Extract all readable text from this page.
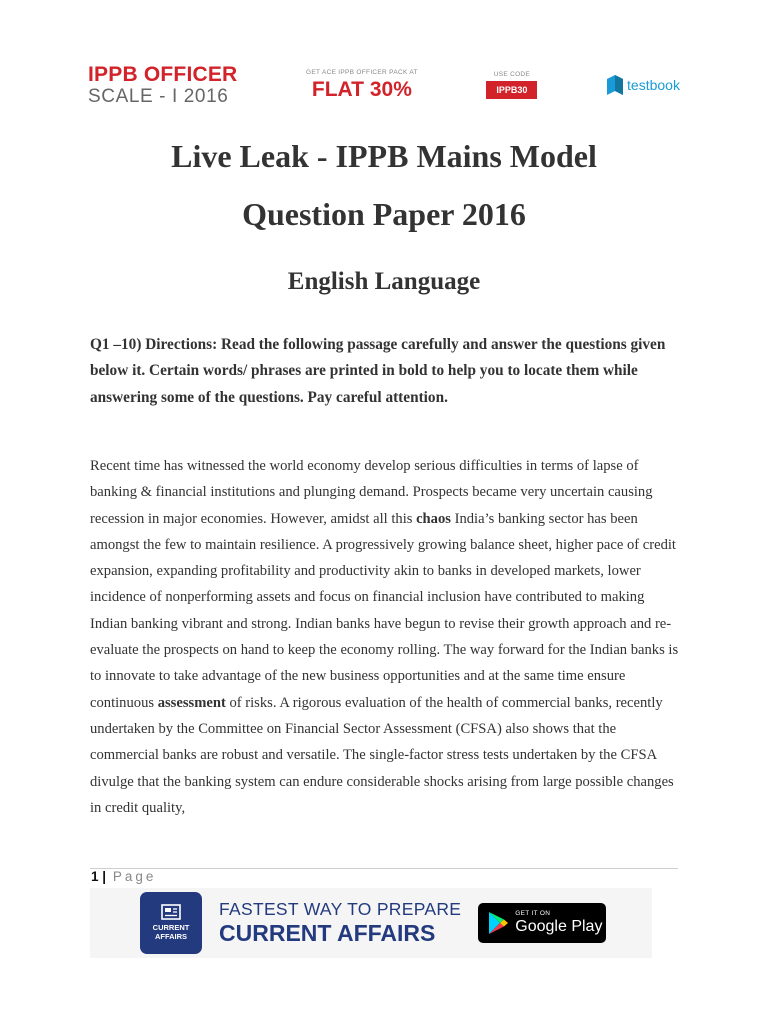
IPPB OFFICER
SCALE - I 2016
GET ACE IPPB OFFICER PACK AT
FLAT 30%
USE CODE
IPPB30	testbook
Live Leak - IPPB Mains Model
Question Paper 2016
English Language
Q1 –10) Directions: Read the following passage carefully and answer the questions given below it. Certain words/ phrases are printed in bold to help you to locate them while answering some of the questions. Pay careful attention.
Recent time has witnessed the world economy develop serious difficulties in terms of lapse of banking & financial institutions and plunging demand. Prospects became very uncertain causing recession in major economies. However, amidst all this chaos India’s banking sector has been amongst the few to maintain resilience. A progressively growing balance sheet, higher pace of credit expansion, expanding profitability and productivity akin to banks in developed markets, lower incidence of nonperforming assets and focus on financial inclusion have contributed to making Indian banking vibrant and strong. Indian banks have begun to revise their growth approach and re-evaluate the prospects on hand to keep the economy rolling. The way forward for the Indian banks is to innovate to take advantage of the new business opportunities and at the same time ensure continuous assessment of risks. A rigorous evaluation of the health of commercial banks, recently undertaken by the Committee on Financial Sector Assessment (CFSA) also shows that the commercial banks are robust and versatile. The single-factor stress tests undertaken by the CFSA divulge that the banking system can endure considerable shocks arising from large possible changes in credit quality,
1 | Page
CURRENT
AFFAIRS
FASTEST WAY TO PREPARE
CURRENT AFFAIRS
GET IT ON
Google Play
